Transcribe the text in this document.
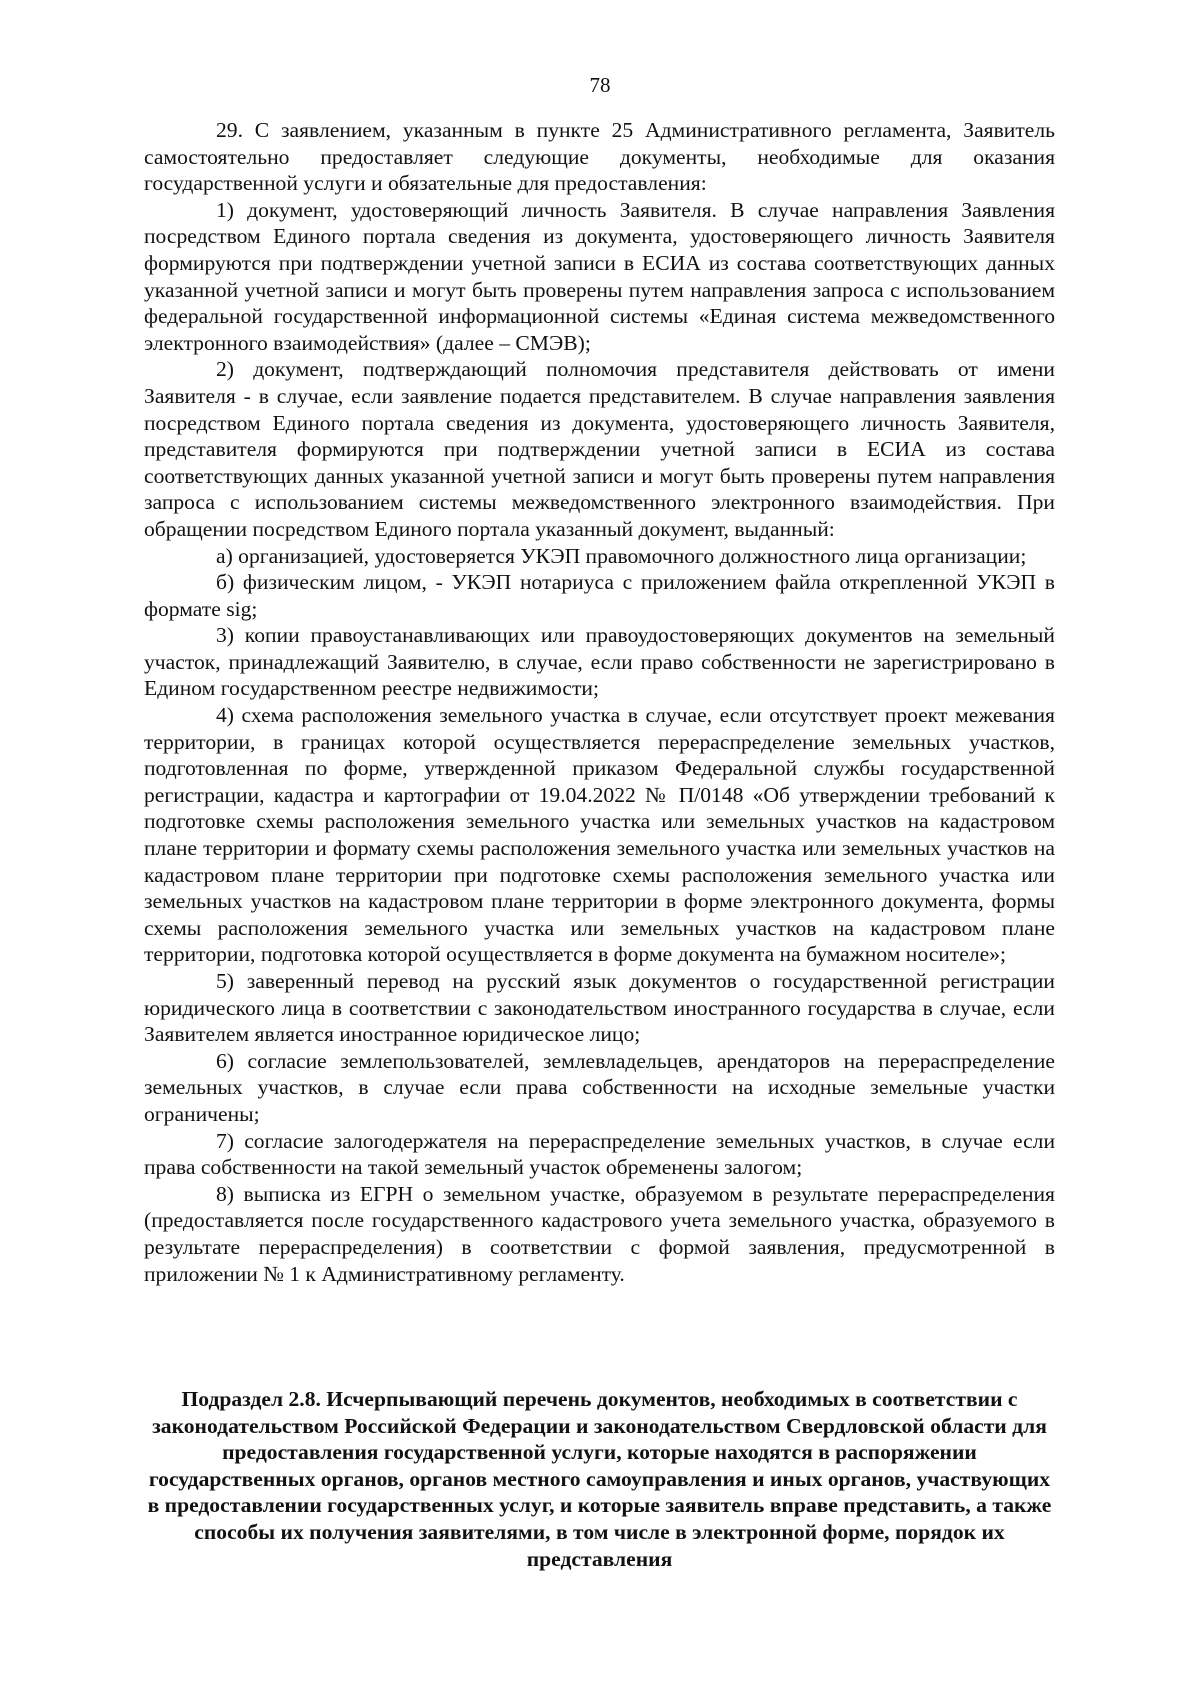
78

29. С заявлением, указанным в пункте 25 Административного регламента, Заявитель самостоятельно предоставляет следующие документы, необходимые для оказания государственной услуги и обязательные для предоставления:

1) документ, удостоверяющий личность Заявителя. В случае направления Заявления посредством Единого портала сведения из документа, удостоверяющего личность Заявителя формируются при подтверждении учетной записи в ЕСИА из состава соответствующих данных указанной учетной записи и могут быть проверены путем направления запроса с использованием федеральной государственной информационной системы «Единая система межведомственного электронного взаимодействия» (далее – СМЭВ);

2) документ, подтверждающий полномочия представителя действовать от имени Заявителя - в случае, если заявление подается представителем. В случае направления заявления посредством Единого портала сведения из документа, удостоверяющего личность Заявителя, представителя формируются при подтверждении учетной записи в ЕСИА из состава соответствующих данных указанной учетной записи и могут быть проверены путем направления запроса с использованием системы межведомственного электронного взаимодействия. При обращении посредством Единого портала указанный документ, выданный:

а) организацией, удостоверяется УКЭП правомочного должностного лица организации;

б) физическим лицом, - УКЭП нотариуса с приложением файла открепленной УКЭП в формате sig;

3) копии правоустанавливающих или правоудостоверяющих документов на земельный участок, принадлежащий Заявителю, в случае, если право собственности не зарегистрировано в Едином государственном реестре недвижимости;

4) схема расположения земельного участка в случае, если отсутствует проект межевания территории, в границах которой осуществляется перераспределение земельных участков, подготовленная по форме, утвержденной приказом Федеральной службы государственной регистрации, кадастра и картографии от 19.04.2022 № П/0148 «Об утверждении требований к подготовке схемы расположения земельного участка или земельных участков на кадастровом плане территории и формату схемы расположения земельного участка или земельных участков на кадастровом плане территории при подготовке схемы расположения земельного участка или земельных участков на кадастровом плане территории в форме электронного документа, формы схемы расположения земельного участка или земельных участков на кадастровом плане территории, подготовка которой осуществляется в форме документа на бумажном носителе»;

5) заверенный перевод на русский язык документов о государственной регистрации юридического лица в соответствии с законодательством иностранного государства в случае, если Заявителем является иностранное юридическое лицо;

6) согласие землепользователей, землевладельцев, арендаторов на перераспределение земельных участков, в случае если права собственности на исходные земельные участки ограничены;

7) согласие залогодержателя на перераспределение земельных участков, в случае если права собственности на такой земельный участок обременены залогом;

8) выписка из ЕГРН о земельном участке, образуемом в результате перераспределения (предоставляется после государственного кадастрового учета земельного участка, образуемого в результате перераспределения) в соответствии с формой заявления, предусмотренной в приложении № 1 к Административному регламенту.

Подраздел 2.8. Исчерпывающий перечень документов, необходимых в соответствии с законодательством Российской Федерации и законодательством Свердловской области для предоставления государственной услуги, которые находятся в распоряжении государственных органов, органов местного самоуправления и иных органов, участвующих в предоставлении государственных услуг, и которые заявитель вправе представить, а также способы их получения заявителями, в том числе в электронной форме, порядок их представления
